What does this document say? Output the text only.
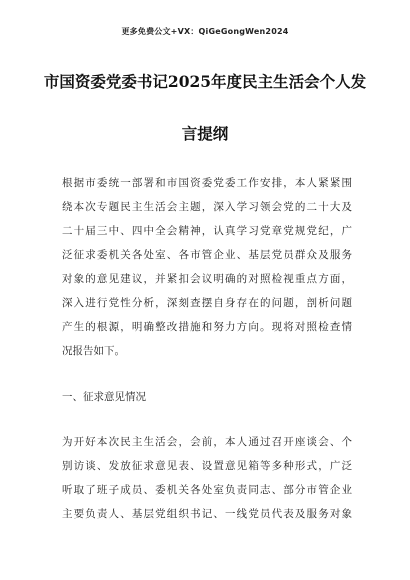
更多免费公文+VX：QiGeGongWen2024
市国资委党委书记2025年度民主生活会个人发
言提纲
根据市委统一部署和市国资委党委工作安排，本人紧紧围
绕本次专题民主生活会主题，深入学习领会党的二十大及
二十届三中、四中全会精神，认真学习党章党规党纪，广
泛征求委机关各处室、各市管企业、基层党员群众及服务
对象的意见建议，并紧扣会议明确的对照检视重点方面，
深入进行党性分析，深刻查摆自身存在的问题，剖析问题
产生的根源，明确整改措施和努力方向。现将对照检查情
况报告如下。
一、征求意见情况
为开好本次民主生活会，会前，本人通过召开座谈会、个
别访谈、发放征求意见表、设置意见箱等多种形式，广泛
听取了班子成员、委机关各处室负责同志、部分市管企业
主要负责人、基层党组织书记、一线党员代表及服务对象
